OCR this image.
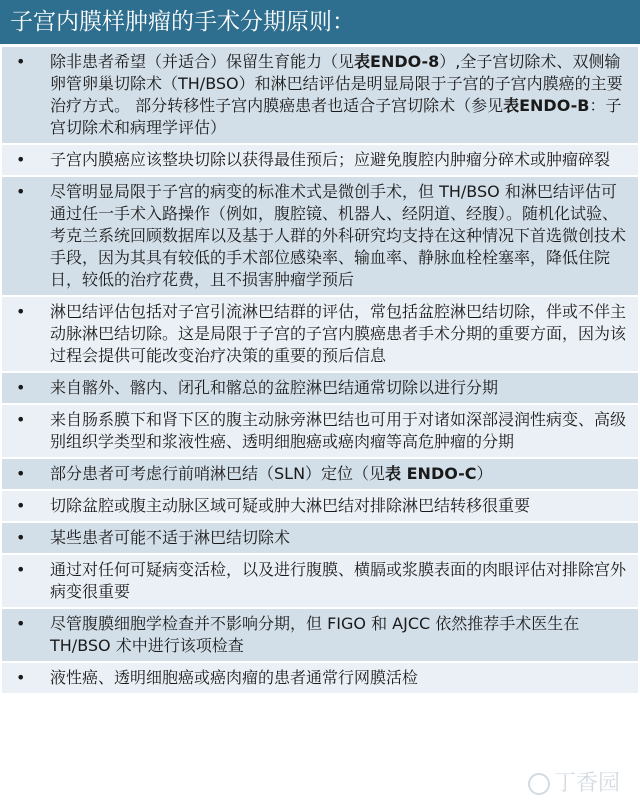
子宫内膜样肿瘤的手术分期原则：
• 除非患者希望（并适合）保留生育能力（见表ENDO-8）,全子宫切除术、双侧输卵管卵巢切除术（TH/BSO）和淋巴结评估是明显局限于子宫的子宫内膜癌的主要治疗方式。 部分转移性子宫内膜癌患者也适合子宫切除术（参见表ENDO-B：子宫切除术和病理学评估）
• 子宫内膜癌应该整块切除以获得最佳预后；应避免腹腔内肿瘤分碎术或肿瘤碎裂
• 尽管明显局限于子宫的病变的标准术式是微创手术，但 TH/BSO 和淋巴结评估可通过任一手术入路操作（例如，腹腔镜、机器人、经阴道、经腹）。随机化试验、考克兰系统回顾数据库以及基于人群的外科研究均支持在这种情况下首选微创技术手段，因为其具有较低的手术部位感染率、输血率、静脉血栓栓塞率，降低住院日，较低的治疗花费，且不损害肿瘤学预后
• 淋巴结评估包括对子宫引流淋巴结群的评估，常包括盆腔淋巴结切除，伴或不伴主动脉淋巴结切除。这是局限于子宫的子宫内膜癌患者手术分期的重要方面，因为该过程会提供可能改变治疗决策的重要的预后信息
• 来自髂外、髂内、闭孔和髂总的盆腔淋巴结通常切除以进行分期
• 来自肠系膜下和肾下区的腹主动脉旁淋巴结也可用于对诸如深部浸润性病变、高级别组织学类型和浆液性癌、透明细胞癌或癌肉瘤等高危肿瘤的分期
• 部分患者可考虑行前哨淋巴结（SLN）定位（见表 ENDO-C）
• 切除盆腔或腹主动脉区域可疑或肿大淋巴结对排除淋巴结转移很重要
• 某些患者可能不适于淋巴结切除术
• 通过对任何可疑病变活检，以及进行腹膜、横膈或浆膜表面的肉眼评估对排除宫外病变很重要
• 尽管腹膜细胞学检查并不影响分期，但 FIGO 和 AJCC 依然推荐手术医生在 TH/BSO 术中进行该项检查
• 液性癌、透明细胞癌或癌肉瘤的患者通常行网膜活检
丁香园
